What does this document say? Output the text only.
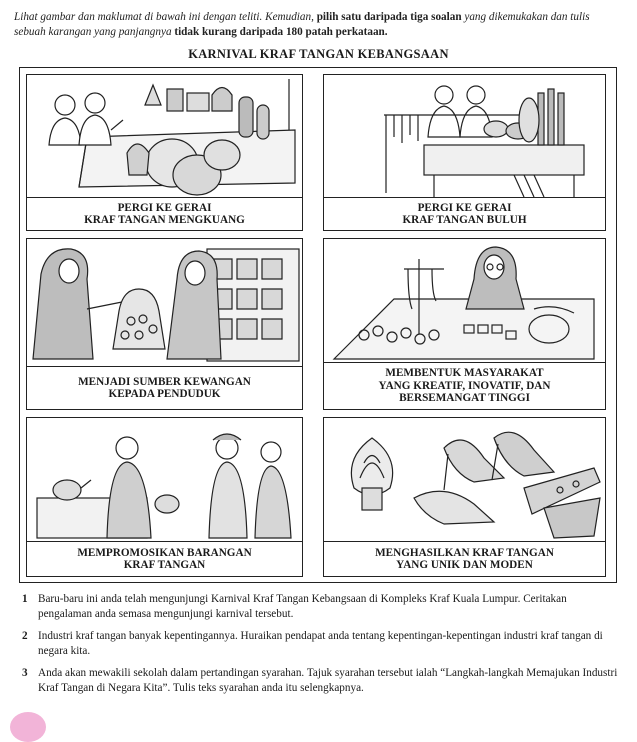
Lihat gambar dan maklumat di bawah ini dengan teliti. Kemudian, pilih satu daripada tiga soalan yang dikemukakan dan tulis sebuah karangan yang panjangnya tidak kurang daripada 180 patah perkataan.
KARNIVAL KRAF TANGAN KEBANGSAAN
PERGI KE GERAI
KRAF TANGAN MENGKUANG
PERGI KE GERAI
KRAF TANGAN BULUH
MENJADI SUMBER KEWANGAN
KEPADA PENDUDUK
MEMBENTUK MASYARAKAT
YANG KREATIF, INOVATIF, DAN
BERSEMANGAT TINGGI
MEMPROMOSIKAN BARANGAN
KRAF TANGAN
MENGHASILKAN KRAF TANGAN
YANG UNIK DAN MODEN
1 Baru-baru ini anda telah mengunjungi Karnival Kraf Tangan Kebangsaan di Kompleks Kraf Kuala Lumpur. Ceritakan pengalaman anda semasa mengunjungi karnival tersebut.
2 Industri kraf tangan banyak kepentingannya. Huraikan pendapat anda tentang kepentingan-kepentingan industri kraf tangan di negara kita.
3 Anda akan mewakili sekolah dalam pertandingan syarahan. Tajuk syarahan tersebut ialah “Langkah-langkah Memajukan Industri Kraf Tangan di Negara Kita”. Tulis teks syarahan anda itu selengkapnya.
